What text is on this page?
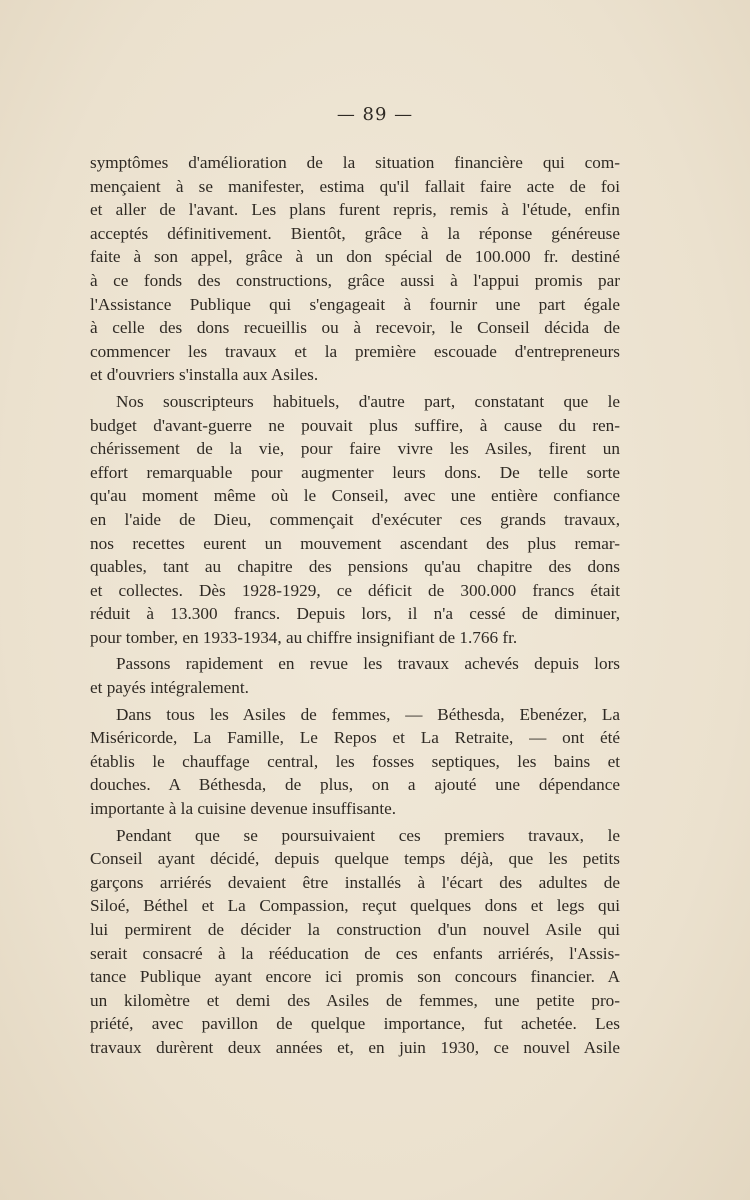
— 89 —
symptômes d'amélioration de la situation financière qui com-
mençaient à se manifester, estima qu'il fallait faire acte de foi
et aller de l'avant. Les plans furent repris, remis à l'étude, enfin
acceptés définitivement. Bientôt, grâce à la réponse généreuse
faite à son appel, grâce à un don spécial de 100.000 fr. destiné
à ce fonds des constructions, grâce aussi à l'appui promis par
l'Assistance Publique qui s'engageait à fournir une part égale
à celle des dons recueillis ou à recevoir, le Conseil décida de
commencer les travaux et la première escouade d'entrepreneurs
et d'ouvriers s'installa aux Asiles.
Nos souscripteurs habituels, d'autre part, constatant que le
budget d'avant-guerre ne pouvait plus suffire, à cause du ren-
chérissement de la vie, pour faire vivre les Asiles, firent un
effort remarquable pour augmenter leurs dons. De telle sorte
qu'au moment même où le Conseil, avec une entière confiance
en l'aide de Dieu, commençait d'exécuter ces grands travaux,
nos recettes eurent un mouvement ascendant des plus remar-
quables, tant au chapitre des pensions qu'au chapitre des dons
et collectes. Dès 1928-1929, ce déficit de 300.000 francs était
réduit à 13.300 francs. Depuis lors, il n'a cessé de diminuer,
pour tomber, en 1933-1934, au chiffre insignifiant de 1.766 fr.
Passons rapidement en revue les travaux achevés depuis lors
et payés intégralement.
Dans tous les Asiles de femmes, — Béthesda, Ebenézer, La
Miséricorde, La Famille, Le Repos et La Retraite, — ont été
établis le chauffage central, les fosses septiques, les bains et
douches. A Béthesda, de plus, on a ajouté une dépendance
importante à la cuisine devenue insuffisante.
Pendant que se poursuivaient ces premiers travaux, le
Conseil ayant décidé, depuis quelque temps déjà, que les petits
garçons arriérés devaient être installés à l'écart des adultes de
Siloé, Béthel et La Compassion, reçut quelques dons et legs qui
lui permirent de décider la construction d'un nouvel Asile qui
serait consacré à la rééducation de ces enfants arriérés, l'Assis-
tance Publique ayant encore ici promis son concours financier. A
un kilomètre et demi des Asiles de femmes, une petite pro-
priété, avec pavillon de quelque importance, fut achetée. Les
travaux durèrent deux années et, en juin 1930, ce nouvel Asile
